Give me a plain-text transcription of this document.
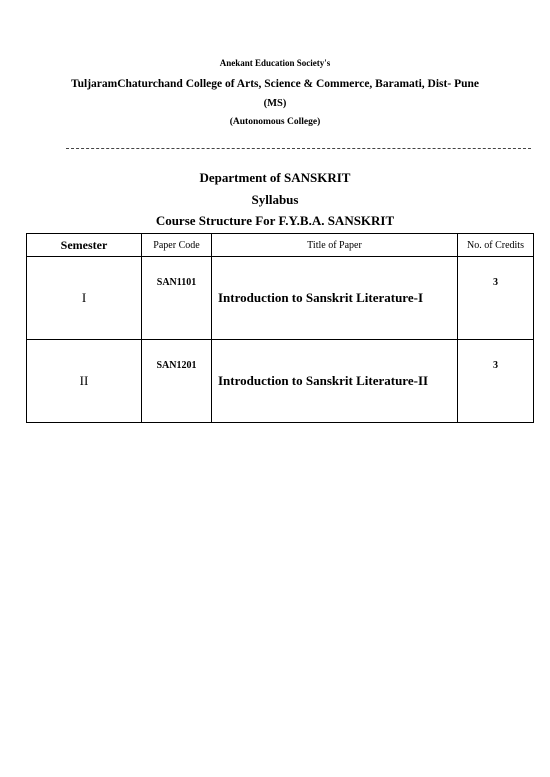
Anekant Education Society's
TuljaramChaturchand College of Arts, Science & Commerce, Baramati, Dist- Pune
(MS)
(Autonomous College)
Department of SANSKRIT
Syllabus
Course Structure For F.Y.B.A. SANSKRIT
Semester	Paper Code	Title of Paper	No. of Credits
I	SAN1101	Introduction to Sanskrit Literature-I	3
II	SAN1201	Introduction to Sanskrit Literature-II	3
